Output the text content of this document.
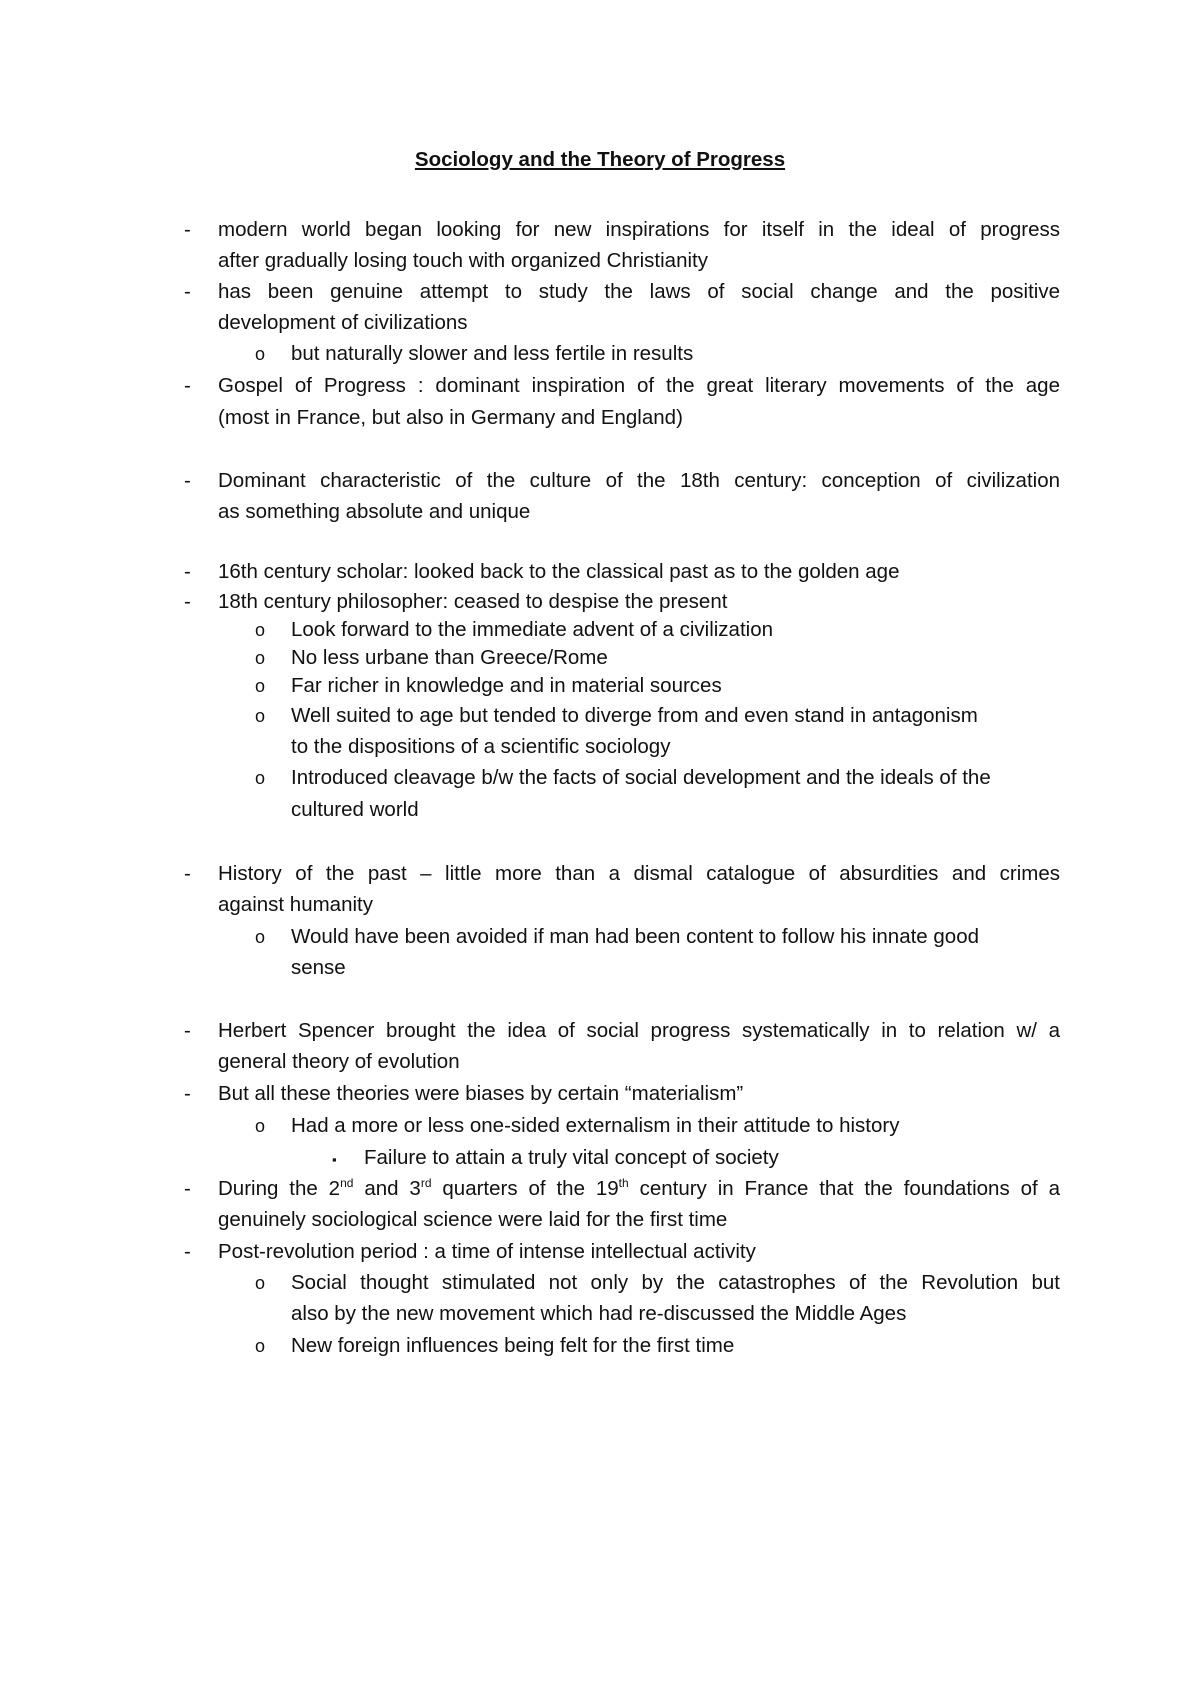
Sociology and the Theory of Progress
- modern world began looking for new inspirations for itself in the ideal of progress
after gradually losing touch with organized Christianity
- has been genuine attempt to study the laws of social change and the positive
development of civilizations
o but naturally slower and less fertile in results
- Gospel of Progress : dominant inspiration of the great literary movements of the age
(most in France, but also in Germany and England)
- Dominant characteristic of the culture of the 18th century: conception of civilization
as something absolute and unique
- 16th century scholar: looked back to the classical past as to the golden age
- 18th century philosopher: ceased to despise the present
o Look forward to the immediate advent of a civilization
o No less urbane than Greece/Rome
o Far richer in knowledge and in material sources
o Well suited to age but tended to diverge from and even stand in antagonism
to the dispositions of a scientific sociology
o Introduced cleavage b/w the facts of social development and the ideals of the
cultured world
- History of the past – little more than a dismal catalogue of absurdities and crimes
against humanity
o Would have been avoided if man had been content to follow his innate good
sense
- Herbert Spencer brought the idea of social progress systematically in to relation w/ a
general theory of evolution
- But all these theories were biases by certain “materialism”
o Had a more or less one-sided externalism in their attitude to history
▪ Failure to attain a truly vital concept of society
- During the 2nd and 3rd quarters of the 19th century in France that the foundations of a
genuinely sociological science were laid for the first time
- Post-revolution period : a time of intense intellectual activity
o Social thought stimulated not only by the catastrophes of the Revolution but
also by the new movement which had re-discussed the Middle Ages
o New foreign influences being felt for the first time
